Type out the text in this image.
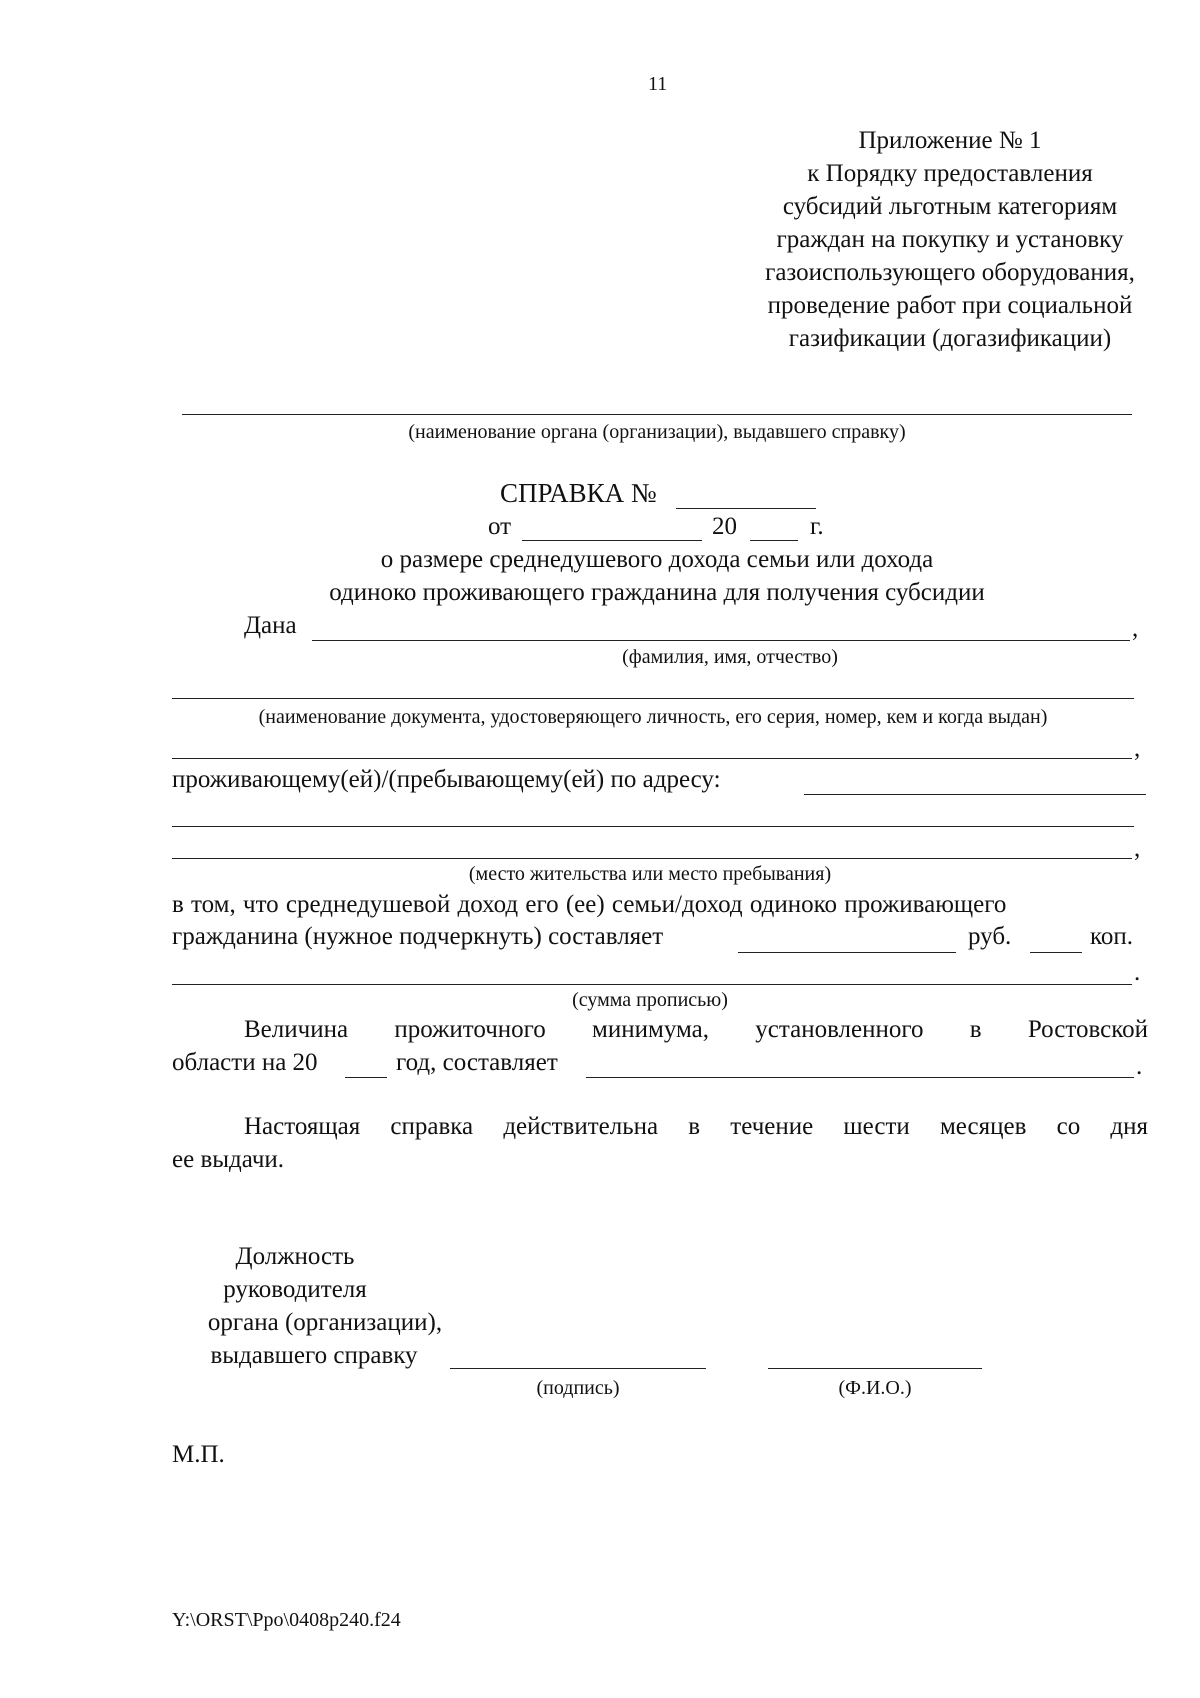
11
Приложение № 1
к Порядку предоставления
субсидий льготным категориям
граждан на покупку и установку
газоиспользующего оборудования,
проведение работ при социальной
газификации (догазификации)
(наименование органа (организации), выдавшего справку)
СПРАВКА №
от	20	г.
о размере среднедушевого дохода семьи или дохода
одиноко проживающего гражданина для получения субсидии
Дана	,
(фамилия, имя, отчество)
(наименование документа, удостоверяющего личность, его серия, номер, кем и когда выдан)
,
проживающему(ей)/(пребывающему(ей) по адресу:
,
(место жительства или место пребывания)
в том, что среднедушевой доход его (ее) семьи/доход одиноко проживающего
гражданина (нужное подчеркнуть) составляет	руб.	коп.
.
(сумма прописью)
Величина прожиточного минимума, установленного в Ростовской
области на 20	год, составляет	.
Настоящая справка действительна в течение шести месяцев со дня
ее выдачи.
Должность
руководителя
органа (организации),
выдавшего справку
(подпись)	(Ф.И.О.)
М.П.
Y:\ORST\Ppo\0408p240.f24
